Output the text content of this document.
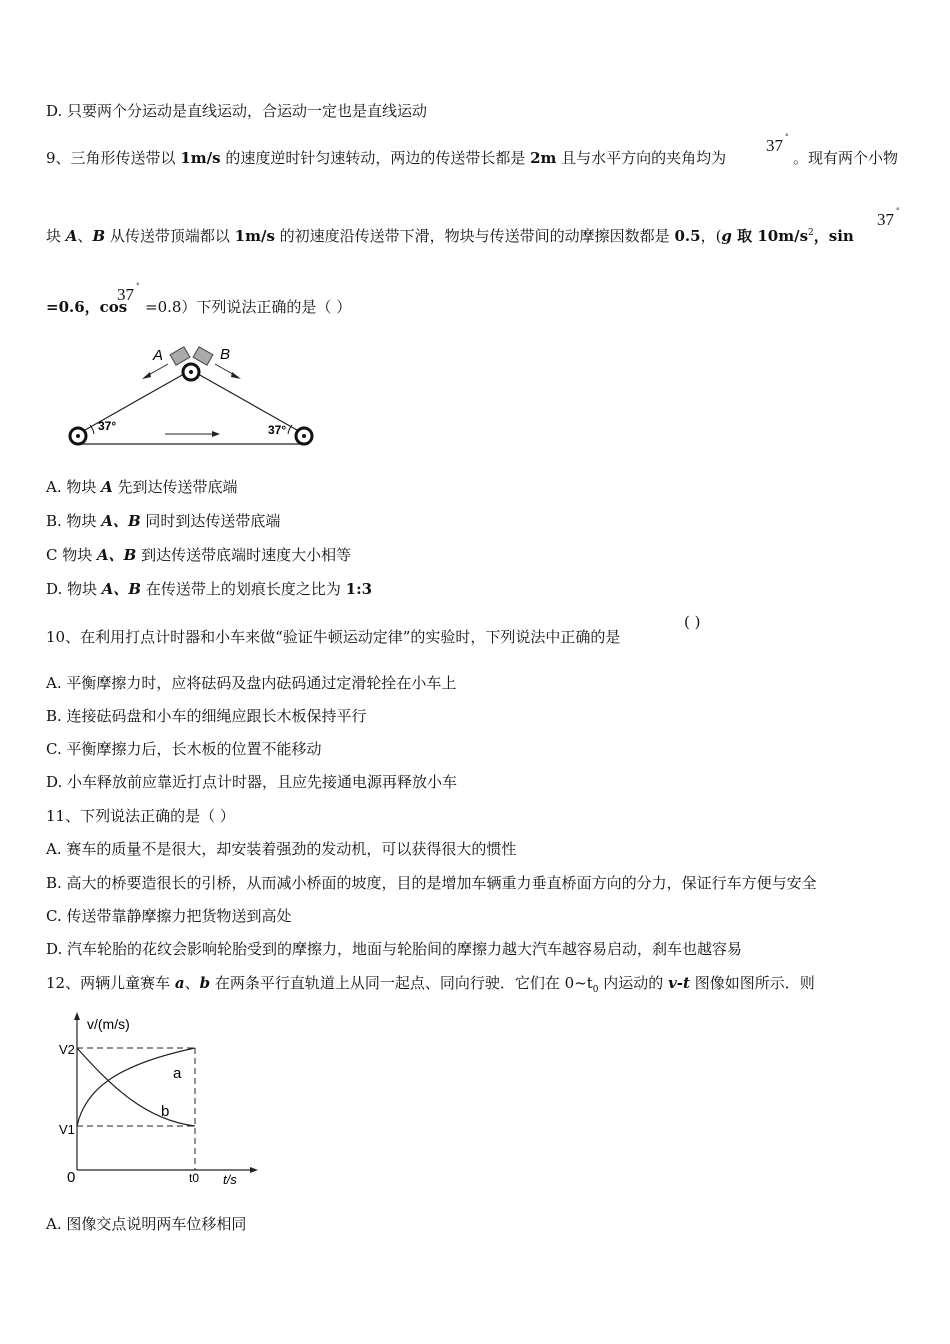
D. 只要两个分运动是直线运动，合运动一定也是直线运动
9、三角形传送带以 1m/s 的速度逆时针匀速转动，两边的传送带长都是 2m 且与水平方向的夹角均为
37 °
。现有两个小物
块 A、B 从传送带顶端都以 1m/s 的初速度沿传送带下滑，物块与传送带间的动摩擦因数都是 0.5，(g 取 $10m/s^2$，sin
37 °
=0.6，cos
37 °
=0.8）下列说法正确的是（ ）
A	B
37°	37°
A. 物块 A 先到达传送带底端
B. 物块 A、B 同时到达传送带底端
C 物块 A、B 到达传送带底端时速度大小相等
D. 物块 A、B 在传送带上的划痕长度之比为 1:3
10、在利用打点计时器和小车来做“验证牛顿运动定律”的实验时，下列说法中正确的是
( )
A. 平衡摩擦力时，应将砝码及盘内砝码通过定滑轮拴在小车上
B. 连接砝码盘和小车的细绳应跟长木板保持平行
C. 平衡摩擦力后，长木板的位置不能移动
D. 小车释放前应靠近打点计时器，且应先接通电源再释放小车
11、下列说法正确的是（ ）
A. 赛车的质量不是很大，却安装着强劲的发动机，可以获得很大的惯性
B. 高大的桥要造很长的引桥，从而减小桥面的坡度，目的是增加车辆重力垂直桥面方向的分力，保证行车方便与安全
C. 传送带靠静摩擦力把货物送到高处
D. 汽车轮胎的花纹会影响轮胎受到的摩擦力，地面与轮胎间的摩擦力越大汽车越容易启动，刹车也越容易
12、两辆儿童赛车 a、b 在两条平行直轨道上从同一起点、同向行驶．它们在 $0\sim t_0$ 内运动的 v-t 图像如图所示．则
v/(m/s)
t/s
V2
V1
0	t0
a
b
A. 图像交点说明两车位移相同
